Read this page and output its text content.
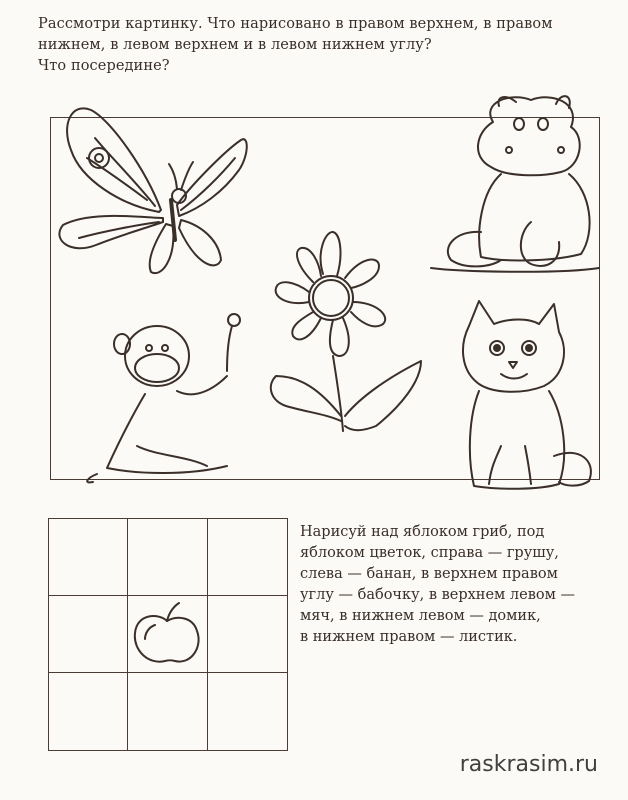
Рассмотри картинку. Что нарисовано в правом верхнем, в правом
нижнем, в левом верхнем и в левом нижнем углу?
Что посередине?
Нарисуй над яблоком гриб, под
яблоком цветок, справа — грушу,
слева — банан, в верхнем правом
углу — бабочку, в верхнем левом —
мяч, в нижнем левом — домик,
в нижнем правом — листик.
raskrasim.ru
